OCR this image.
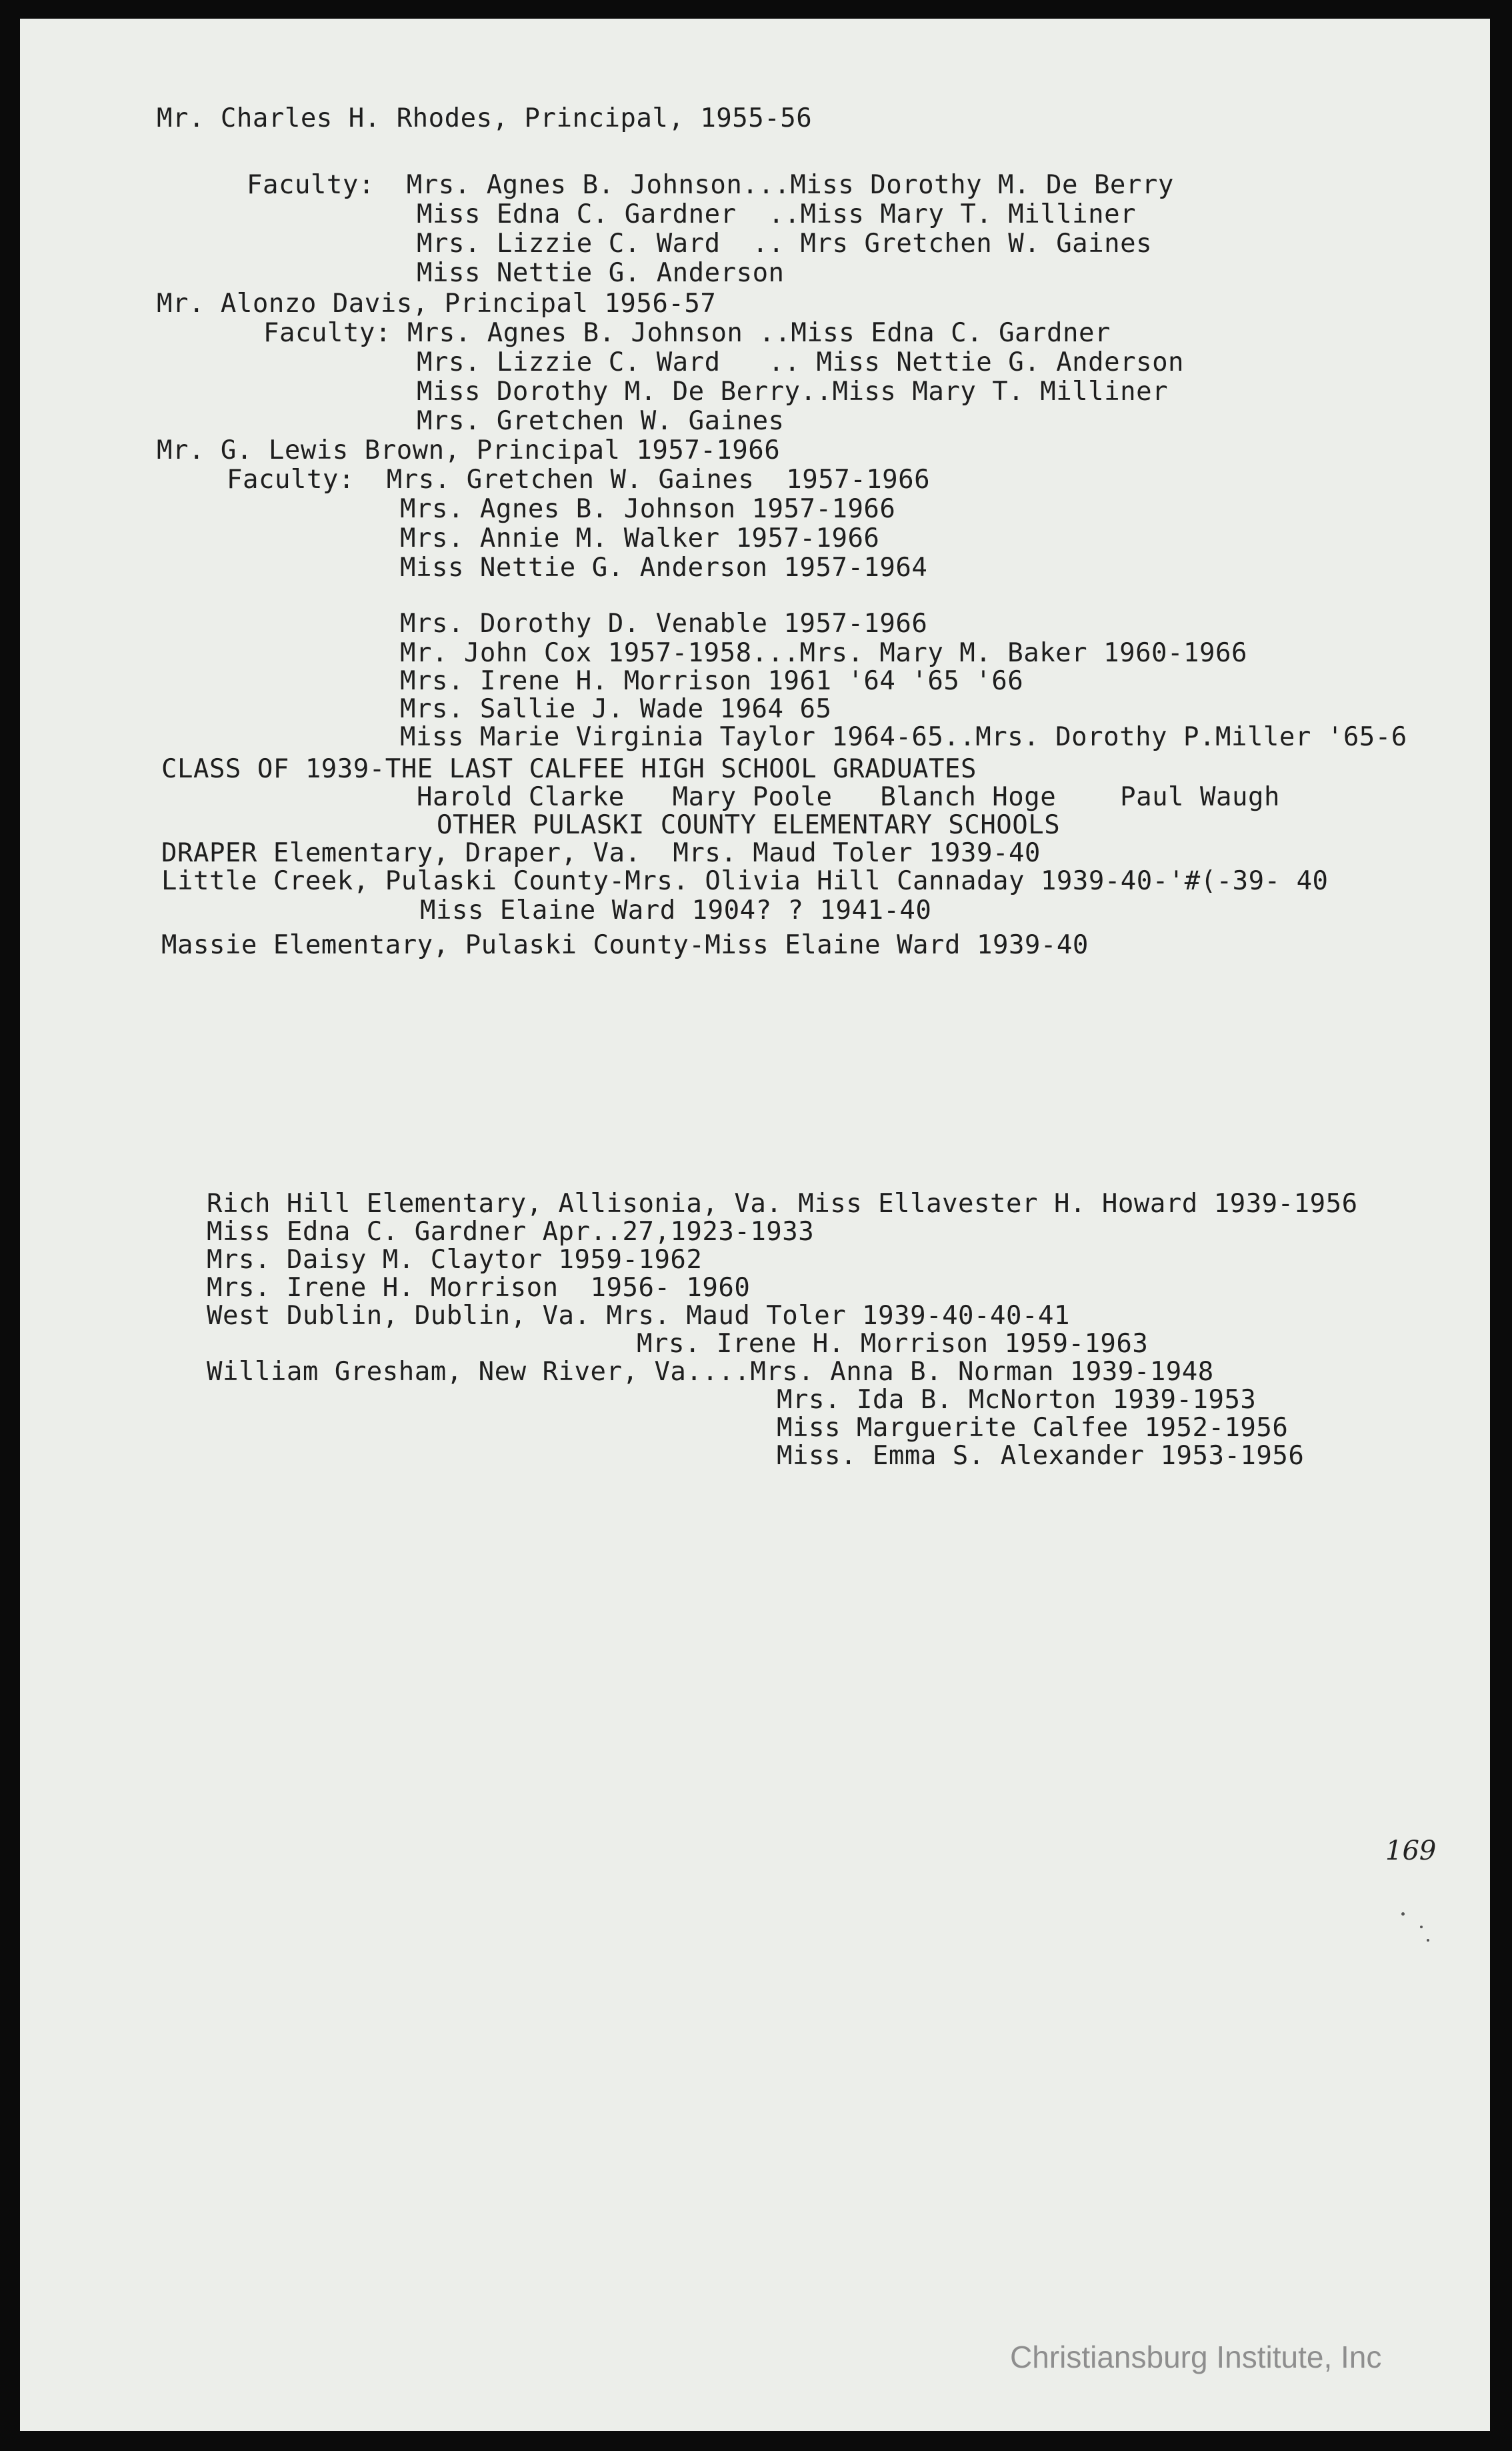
Mr. Charles H. Rhodes, Principal, 1955-56
Faculty:  Mrs. Agnes B. Johnson...Miss Dorothy M. De Berry
Miss Edna C. Gardner  ..Miss Mary T. Milliner
Mrs. Lizzie C. Ward  .. Mrs Gretchen W. Gaines
Miss Nettie G. Anderson
Mr. Alonzo Davis, Principal 1956-57
Faculty: Mrs. Agnes B. Johnson ..Miss Edna C. Gardner
Mrs. Lizzie C. Ward   .. Miss Nettie G. Anderson
Miss Dorothy M. De Berry..Miss Mary T. Milliner
Mrs. Gretchen W. Gaines
Mr. G. Lewis Brown, Principal 1957-1966
Faculty:  Mrs. Gretchen W. Gaines  1957-1966
Mrs. Agnes B. Johnson 1957-1966
Mrs. Annie M. Walker 1957-1966
Miss Nettie G. Anderson 1957-1964
Mrs. Dorothy D. Venable 1957-1966
Mr. John Cox 1957-1958...Mrs. Mary M. Baker 1960-1966
Mrs. Irene H. Morrison 1961 '64 '65 '66
Mrs. Sallie J. Wade 1964 65
Miss Marie Virginia Taylor 1964-65..Mrs. Dorothy P.Miller '65-6
CLASS OF 1939-THE LAST CALFEE HIGH SCHOOL GRADUATES
Harold Clarke   Mary Poole   Blanch Hoge    Paul Waugh
OTHER PULASKI COUNTY ELEMENTARY SCHOOLS
DRAPER Elementary, Draper, Va.  Mrs. Maud Toler 1939-40
Little Creek, Pulaski County-Mrs. Olivia Hill Cannaday 1939-40-'#(-39- 40
Miss Elaine Ward 1904? ? 1941-40
Massie Elementary, Pulaski County-Miss Elaine Ward 1939-40
Rich Hill Elementary, Allisonia, Va. Miss Ellavester H. Howard 1939-1956
Miss Edna C. Gardner Apr..27,1923-1933
Mrs. Daisy M. Claytor 1959-1962
Mrs. Irene H. Morrison  1956- 1960
West Dublin, Dublin, Va. Mrs. Maud Toler 1939-40-40-41
Mrs. Irene H. Morrison 1959-1963
William Gresham, New River, Va....Mrs. Anna B. Norman 1939-1948
Mrs. Ida B. McNorton 1939-1953
Miss Marguerite Calfee 1952-1956
Miss. Emma S. Alexander 1953-1956
169
Christiansburg Institute, Inc
